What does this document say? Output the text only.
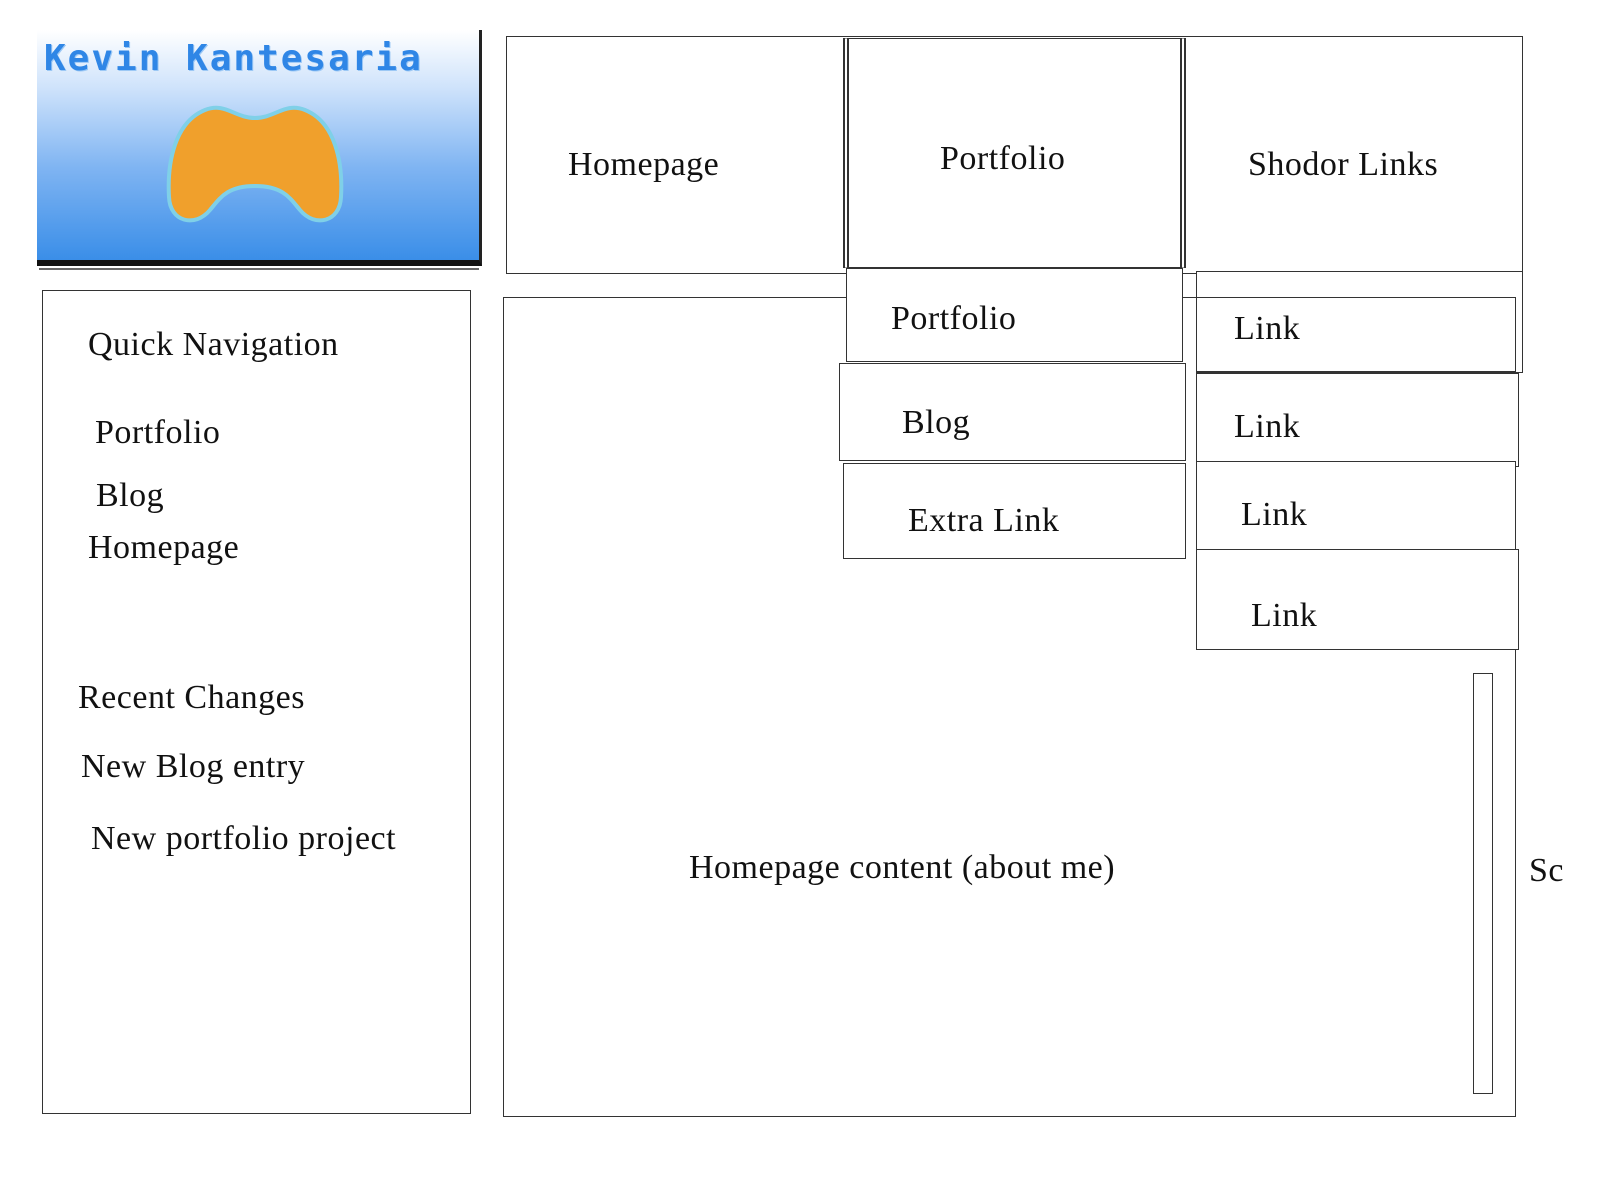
Kevin Kantesaria
Homepage	Portfolio	Shodor Links
Quick Navigation
Portfolio
Blog
Homepage
Recent Changes
New Blog entry
New portfolio project
Homepage content (about me)	Sc
Portfolio
Blog
Extra Link
Link
Link
Link
Link
